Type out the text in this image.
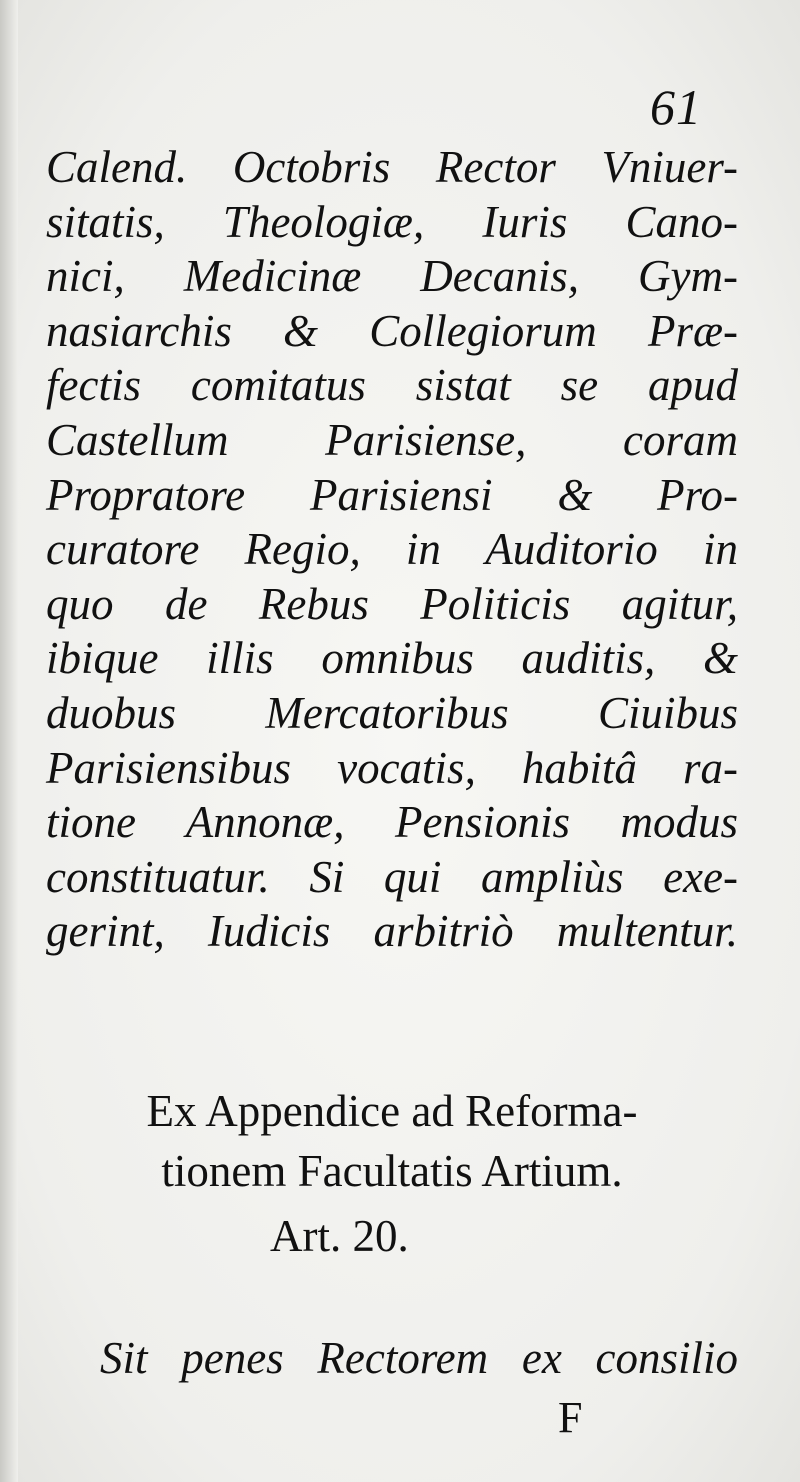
61
Calend. Octobris Rector Vniuer-
sitatis, Theologiæ, Iuris Cano-
nici, Medicinæ Decanis, Gym-
nasiarchis & Collegiorum Præ-
fectis comitatus sistat se apud
Castellum Parisiense, coram
Propratore Parisiensi & Pro-
curatore Regio, in Auditorio in
quo de Rebus Politicis agitur,
ibique illis omnibus auditis, &
duobus Mercatoribus Ciuibus
Parisiensibus vocatis, habitâ ra-
tione Annonæ, Pensionis modus
constituatur. Si qui ampliùs exe-
gerint, Iudicis arbitriò multentur.
Ex Appendice ad Reforma-
tionem Facultatis Artium.
Art. 20.
Sit penes Rectorem ex consilio
F
